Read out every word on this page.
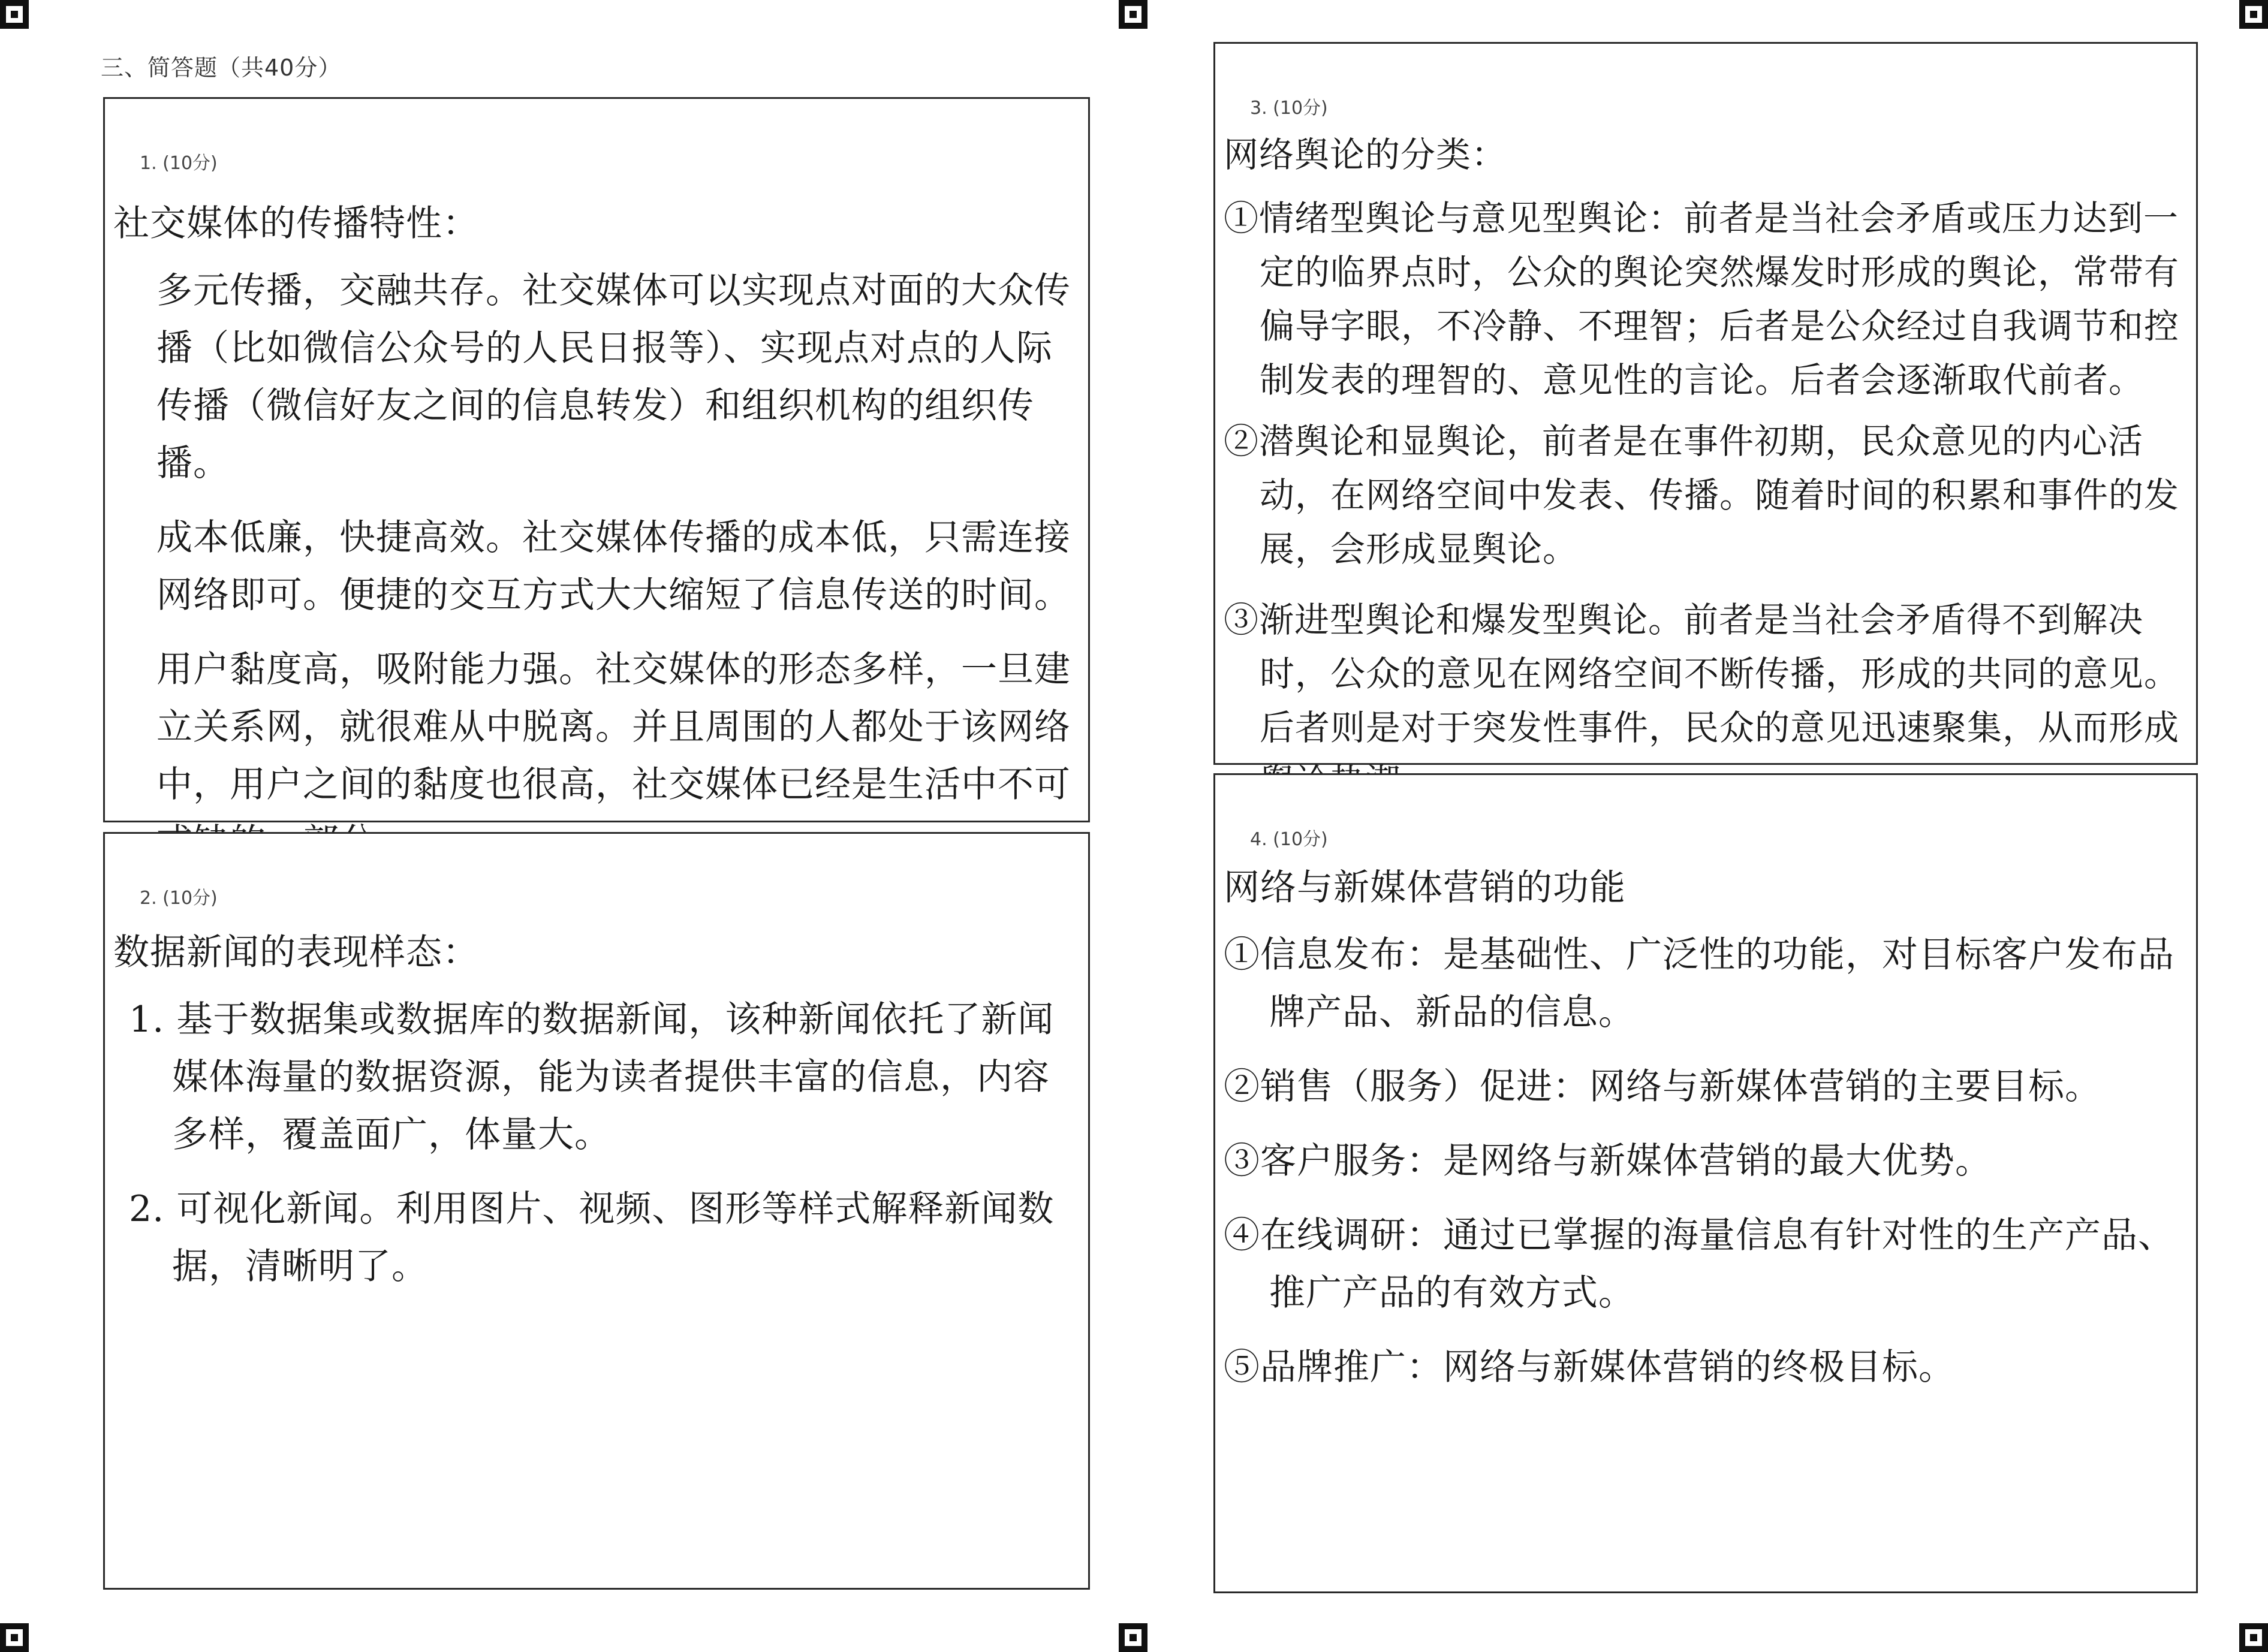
三、简答题（共40分）
1. (10分)

社交媒体的传播特性：

多元传播，交融共存。社交媒体可以实现点对面的大众传播（比如微信公众号的人民日报等）、实现点对点的人际传播（微信好友之间的信息转发）和组织机构的组织传播。

成本低廉，快捷高效。社交媒体传播的成本低，只需连接网络即可。便捷的交互方式大大缩短了信息传送的时间。

用户黏度高，吸附能力强。社交媒体的形态多样，一旦建立关系网，就很难从中脱离。并且周围的人都处于该网络中，用户之间的黏度也很高，社交媒体已经是生活中不可

2. (10分)

数据新闻的表现样态：

1. 基于数据集或数据库的数据新闻，该种新闻依托了新闻媒体海量的数据资源，能为读者提供丰富的信息，内容多样，覆盖面广，体量大。

2. 可视化新闻。利用图片、视频、图形等样式解释新闻数据，清晰明了。

3. (10分)

网络舆论的分类：

①情绪型舆论与意见型舆论：前者是当社会矛盾或压力达到一定的临界点时，公众的舆论突然爆发时形成的舆论，常带有偏导字眼，不冷静、不理智；后者是公众经过自我调节和控制发表的理智的、意见性的言论。后者会逐渐取代前者。

②潜舆论和显舆论，前者是在事件初期，民众意见的内心活动，在网络空间中发表、传播。随着时间的积累和事件的发展，会形成显舆论。

③渐进型舆论和爆发型舆论。前者是当社会矛盾得不到解决时，公众的意见在网络空间不断传播，形成的共同的意见。后者则是对于突发性事件，民众的意见迅速聚集，从而形成

4. (10分)

网络与新媒体营销的功能

①信息发布：是基础性、广泛性的功能，对目标客户发布品牌产品、新品的信息。

②销售（服务）促进：网络与新媒体营销的主要目标。

③客户服务：是网络与新媒体营销的最大优势。

④在线调研：通过已掌握的海量信息有针对性的生产产品、推广产品的有效方式。

⑤品牌推广：网络与新媒体营销的终极目标。
